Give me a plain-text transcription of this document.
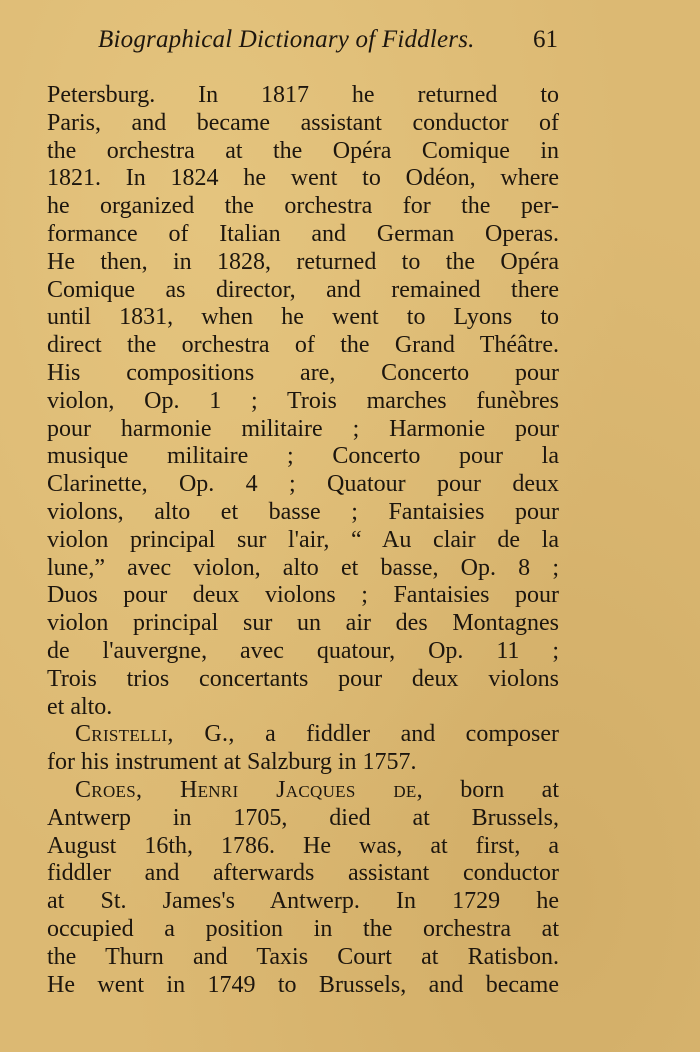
Biographical Dictionary of Fiddlers. 61
Petersburg. In 1817 he returned to
Paris, and became assistant conductor of
the orchestra at the Opéra Comique in
1821. In 1824 he went to Odéon, where
he organized the orchestra for the per-
formance of Italian and German Operas.
He then, in 1828, returned to the Opéra
Comique as director, and remained there
until 1831, when he went to Lyons to
direct the orchestra of the Grand Théâtre.
His compositions are, Concerto pour
violon, Op. 1 ; Trois marches funèbres
pour harmonie militaire ; Harmonie pour
musique militaire ; Concerto pour la
Clarinette, Op. 4 ; Quatour pour deux
violons, alto et basse ; Fantaisies pour
violon principal sur l'air, “ Au clair de la
lune,” avec violon, alto et basse, Op. 8 ;
Duos pour deux violons ; Fantaisies pour
violon principal sur un air des Montagnes
de l'auvergne, avec quatour, Op. 11 ;
Trois trios concertants pour deux violons
et alto.
Cristelli, G., a fiddler and composer
for his instrument at Salzburg in 1757.
Croes, Henri Jacques de, born at
Antwerp in 1705, died at Brussels,
August 16th, 1786. He was, at first, a
fiddler and afterwards assistant conductor
at St. James's Antwerp. In 1729 he
occupied a position in the orchestra at
the Thurn and Taxis Court at Ratisbon.
He went in 1749 to Brussels, and became
